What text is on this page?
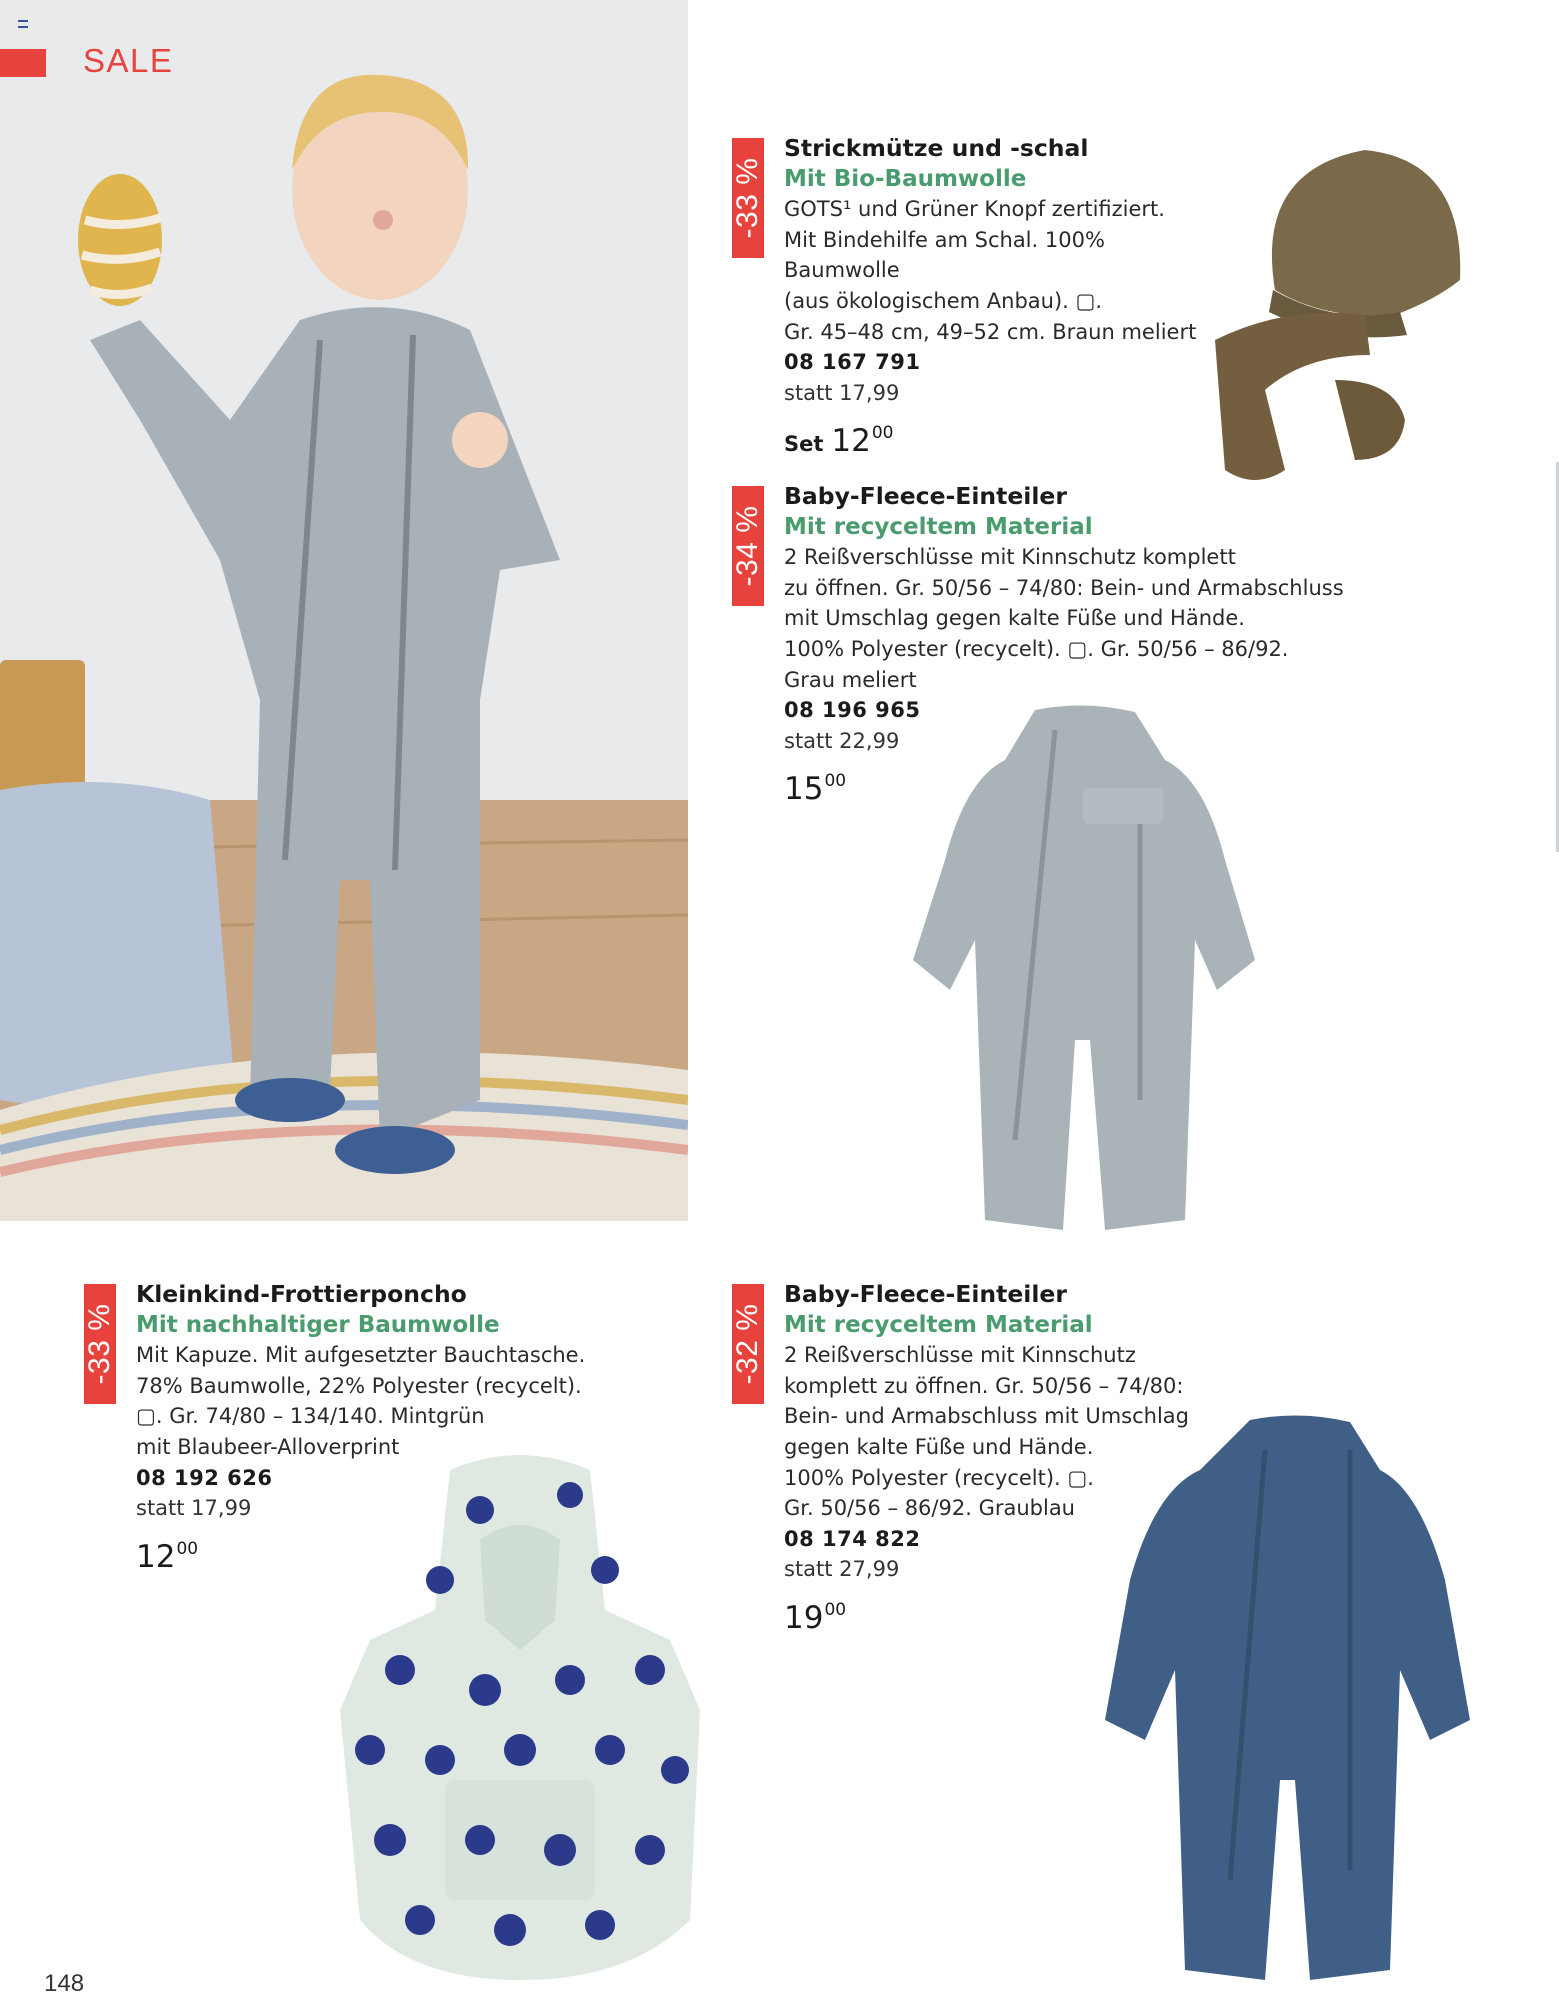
SALE
-33 %
Strickmütze und -schal
Mit Bio-Baumwolle
GOTS¹ und Grüner Knopf zertifiziert.
Mit Bindehilfe am Schal. 100% Baumwolle
(aus ökologischem Anbau). ▢.
Gr. 45–48 cm, 49–52 cm. Braun meliert
08 167 791
statt 17,99
Set $12^{00}$
-34 %
Baby-Fleece-Einteiler
Mit recyceltem Material
2 Reißverschlüsse mit Kinnschutz komplett
zu öffnen. Gr. 50/56 – 74/80: Bein- und Armabschluss
mit Umschlag gegen kalte Füße und Hände.
100% Polyester (recycelt). ▢. Gr. 50/56 – 86/92.
Grau meliert
08 196 965
statt 22,99
$15^{00}$
-33 %
Kleinkind-Frottierponcho
Mit nachhaltiger Baumwolle
Mit Kapuze. Mit aufgesetzter Bauchtasche.
78% Baumwolle, 22% Polyester (recycelt).
▢. Gr. 74/80 – 134/140. Mintgrün
mit Blaubeer-Alloverprint
08 192 626
statt 17,99
$12^{00}$
-32 %
Baby-Fleece-Einteiler
Mit recyceltem Material
2 Reißverschlüsse mit Kinnschutz
komplett zu öffnen. Gr. 50/56 – 74/80:
Bein- und Armabschluss mit Umschlag
gegen kalte Füße und Hände.
100% Polyester (recycelt). ▢.
Gr. 50/56 – 86/92. Graublau
08 174 822
statt 27,99
$19^{00}$
148
